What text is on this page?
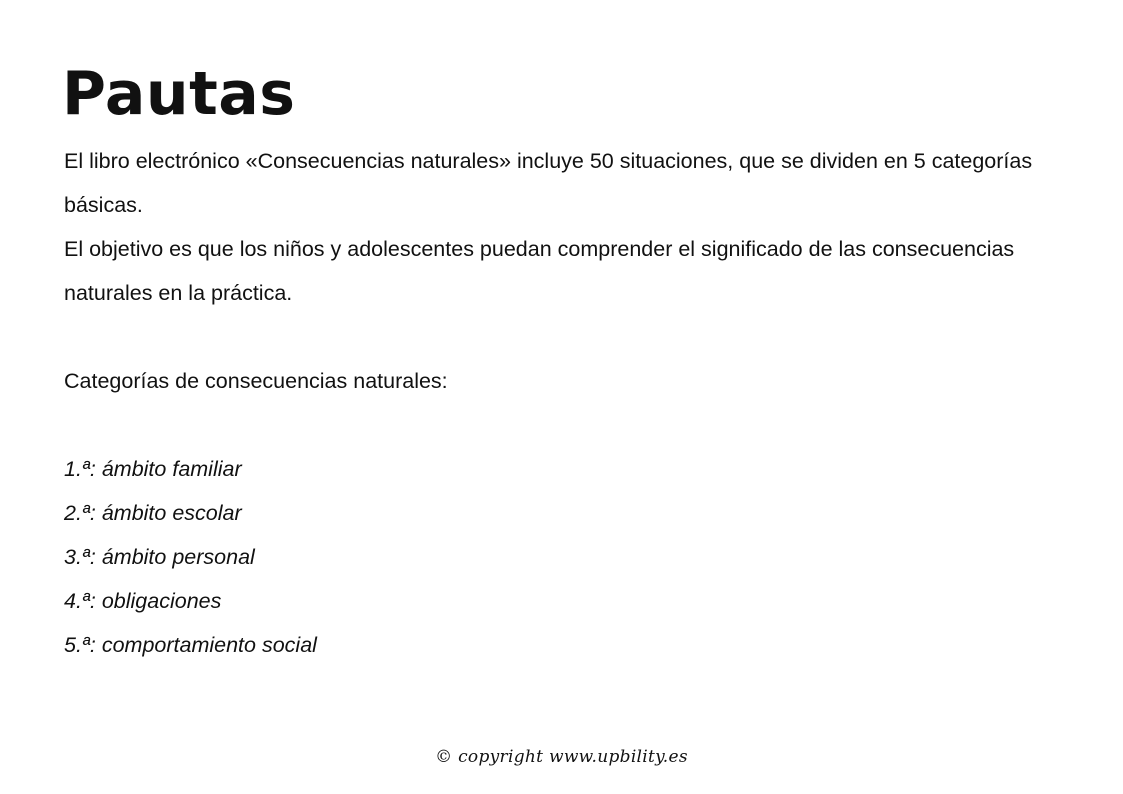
Pautas

El libro electrónico «Consecuencias naturales» incluye 50 situaciones, que se dividen en 5 categorías básicas.

El objetivo es que los niños y adolescentes puedan comprender el significado de las consecuencias naturales en la práctica.

Categorías de consecuencias naturales:

1.ª: ámbito familiar
2.ª: ámbito escolar
3.ª: ámbito personal
4.ª: obligaciones
5.ª: comportamiento social
© copyright www.upbility.es
